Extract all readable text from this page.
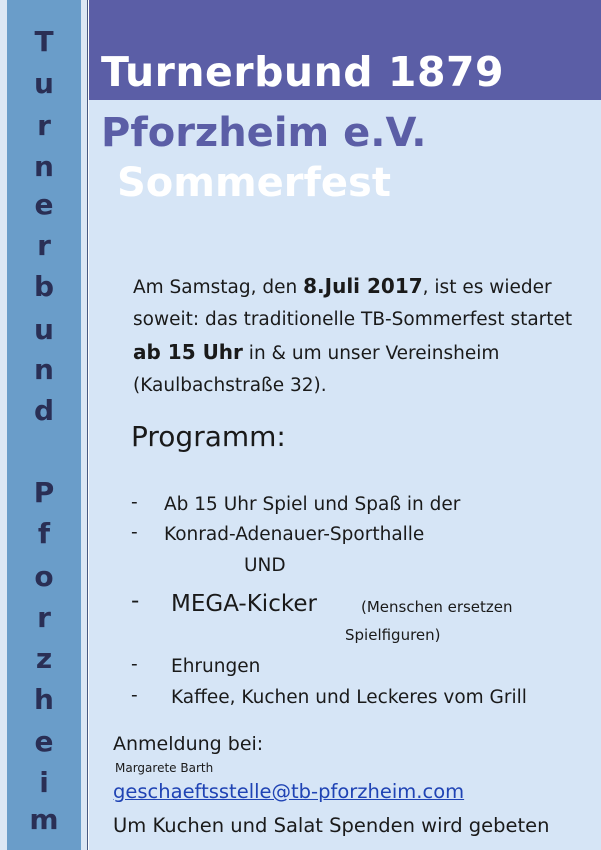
T
u
r
n
e
r
b
u
n
d
P
f
o
r
z
h
e
i
m
Turnerbund 1879
Pforzheim e.V.
Sommerfest
Am Samstag, den 8.Juli 2017, ist es wieder soweit: das traditionelle TB-Sommerfest startet ab 15 Uhr in & um unser Vereinsheim (Kaulbachstraße 32).
Programm:
- Ab 15 Uhr Spiel und Spaß in der
- Konrad-Adenauer-Sporthalle
UND
- MEGA-Kicker	(Menschen ersetzen
Spielfiguren)
- Ehrungen
- Kaffee, Kuchen und Leckeres vom Grill
Anmeldung bei:
Margarete Barth
geschaeftsstelle@tb-pforzheim.com
Um Kuchen und Salat Spenden wird gebeten
